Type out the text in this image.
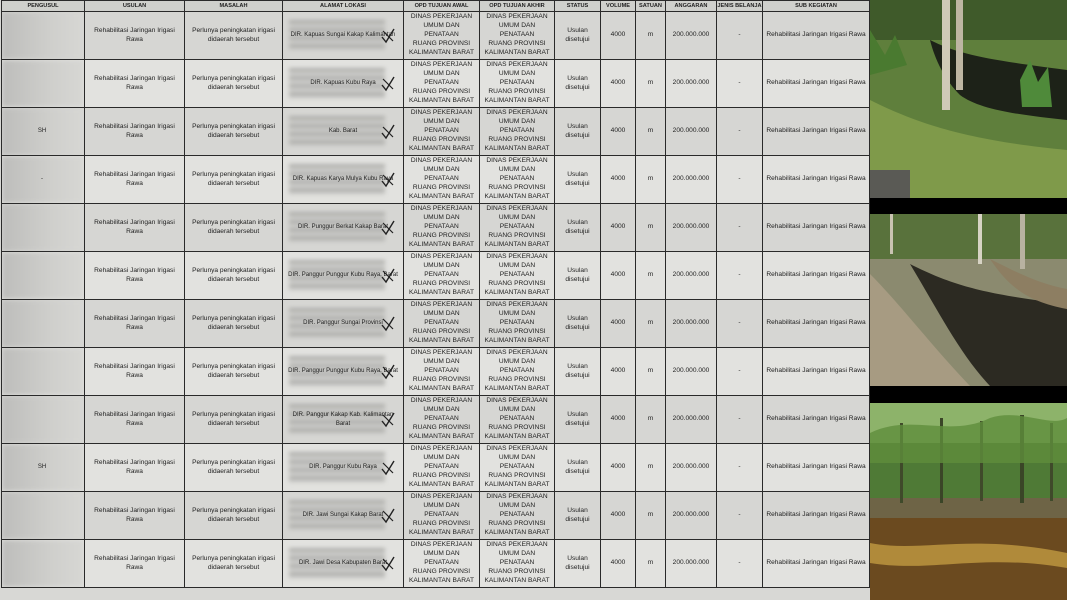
PENGUSUL	USULAN	MASALAH	ALAMAT LOKASI	OPD TUJUAN AWAL	OPD TUJUAN AKHIR	STATUS	VOLUME	SATUAN	ANGGARAN	JENIS BELANJA	SUB KEGIATAN

	Rehabilitasi Jaringan Irigasi Rawa	Perlunya peningkatan irigasi
didaerah tersebut	DIR. Kapuas Sungai Kakap Kalimantan	DINAS PEKERJAAN
UMUM DAN PENATAAN
RUANG PROVINSI
KALIMANTAN BARAT	DINAS PEKERJAAN
UMUM DAN PENATAAN
RUANG PROVINSI
KALIMANTAN BARAT	Usulan
disetujui	4000	m	200.000.000	-	Rehabilitasi Jaringan Irigasi Rawa

	Rehabilitasi Jaringan Irigasi Rawa	Perlunya peningkatan irigasi
didaerah tersebut	DIR. Kapuas Kubu Raya	DINAS PEKERJAAN
UMUM DAN PENATAAN
RUANG PROVINSI
KALIMANTAN BARAT	DINAS PEKERJAAN
UMUM DAN PENATAAN
RUANG PROVINSI
KALIMANTAN BARAT	Usulan
disetujui	4000	m	200.000.000	-	Rehabilitasi Jaringan Irigasi Rawa

SH	Rehabilitasi Jaringan Irigasi Rawa	Perlunya peningkatan irigasi
didaerah tersebut	Kab. Barat	DINAS PEKERJAAN
UMUM DAN PENATAAN
RUANG PROVINSI
KALIMANTAN BARAT	DINAS PEKERJAAN
UMUM DAN PENATAAN
RUANG PROVINSI
KALIMANTAN BARAT	Usulan
disetujui	4000	m	200.000.000	-	Rehabilitasi Jaringan Irigasi Rawa

-	Rehabilitasi Jaringan Irigasi Rawa	Perlunya peningkatan irigasi
didaerah tersebut	DIR. Kapuas Karya Mulya Kubu Raya	DINAS PEKERJAAN
UMUM DAN PENATAAN
RUANG PROVINSI
KALIMANTAN BARAT	DINAS PEKERJAAN
UMUM DAN PENATAAN
RUANG PROVINSI
KALIMANTAN BARAT	Usulan
disetujui	4000	m	200.000.000	-	Rehabilitasi Jaringan Irigasi Rawa

	Rehabilitasi Jaringan Irigasi Rawa	Perlunya peningkatan irigasi
didaerah tersebut	DIR. Punggur Berkat Kakap Barat	DINAS PEKERJAAN
UMUM DAN PENATAAN
RUANG PROVINSI
KALIMANTAN BARAT	DINAS PEKERJAAN
UMUM DAN PENATAAN
RUANG PROVINSI
KALIMANTAN BARAT	Usulan
disetujui	4000	m	200.000.000	-	Rehabilitasi Jaringan Irigasi Rawa

	Rehabilitasi Jaringan Irigasi Rawa	Perlunya peningkatan irigasi
didaerah tersebut	DIR. Panggur Punggur Kubu Raya, Barat	DINAS PEKERJAAN
UMUM DAN PENATAAN
RUANG PROVINSI
KALIMANTAN BARAT	DINAS PEKERJAAN
UMUM DAN PENATAAN
RUANG PROVINSI
KALIMANTAN BARAT	Usulan
disetujui	4000	m	200.000.000	-	Rehabilitasi Jaringan Irigasi Rawa

	Rehabilitasi Jaringan Irigasi Rawa	Perlunya peningkatan irigasi
didaerah tersebut	DIR. Panggur Sungai Provinsi	DINAS PEKERJAAN
UMUM DAN PENATAAN
RUANG PROVINSI
KALIMANTAN BARAT	DINAS PEKERJAAN
UMUM DAN PENATAAN
RUANG PROVINSI
KALIMANTAN BARAT	Usulan
disetujui	4000	m	200.000.000	-	Rehabilitasi Jaringan Irigasi Rawa

	Rehabilitasi Jaringan Irigasi Rawa	Perlunya peningkatan irigasi
didaerah tersebut	DIR. Panggur Punggur Kubu Raya, Barat	DINAS PEKERJAAN
UMUM DAN PENATAAN
RUANG PROVINSI
KALIMANTAN BARAT	DINAS PEKERJAAN
UMUM DAN PENATAAN
RUANG PROVINSI
KALIMANTAN BARAT	Usulan
disetujui	4000	m	200.000.000	-	Rehabilitasi Jaringan Irigasi Rawa

	Rehabilitasi Jaringan Irigasi Rawa	Perlunya peningkatan irigasi
didaerah tersebut	DIR. Panggur Kakap Kab. Kalimantan Barat	DINAS PEKERJAAN
UMUM DAN PENATAAN
RUANG PROVINSI
KALIMANTAN BARAT	DINAS PEKERJAAN
UMUM DAN PENATAAN
RUANG PROVINSI
KALIMANTAN BARAT	Usulan
disetujui	4000	m	200.000.000	-	Rehabilitasi Jaringan Irigasi Rawa

SH	Rehabilitasi Jaringan Irigasi Rawa	Perlunya peningkatan irigasi
didaerah tersebut	DIR. Panggur Kubu Raya	DINAS PEKERJAAN
UMUM DAN PENATAAN
RUANG PROVINSI
KALIMANTAN BARAT	DINAS PEKERJAAN
UMUM DAN PENATAAN
RUANG PROVINSI
KALIMANTAN BARAT	Usulan
disetujui	4000	m	200.000.000	-	Rehabilitasi Jaringan Irigasi Rawa

	Rehabilitasi Jaringan Irigasi Rawa	Perlunya peningkatan irigasi
didaerah tersebut	DIR. Jawi Sungai Kakap Barat	DINAS PEKERJAAN
UMUM DAN PENATAAN
RUANG PROVINSI
KALIMANTAN BARAT	DINAS PEKERJAAN
UMUM DAN PENATAAN
RUANG PROVINSI
KALIMANTAN BARAT	Usulan
disetujui	4000	m	200.000.000	-	Rehabilitasi Jaringan Irigasi Rawa

	Rehabilitasi Jaringan Irigasi Rawa	Perlunya peningkatan irigasi
didaerah tersebut	DIR. Jawi Desa Kabupaten Barat	DINAS PEKERJAAN
UMUM DAN PENATAAN
RUANG PROVINSI
KALIMANTAN BARAT	DINAS PEKERJAAN
UMUM DAN PENATAAN
RUANG PROVINSI
KALIMANTAN BARAT	Usulan
disetujui	4000	m	200.000.000	-	Rehabilitasi Jaringan Irigasi Rawa
